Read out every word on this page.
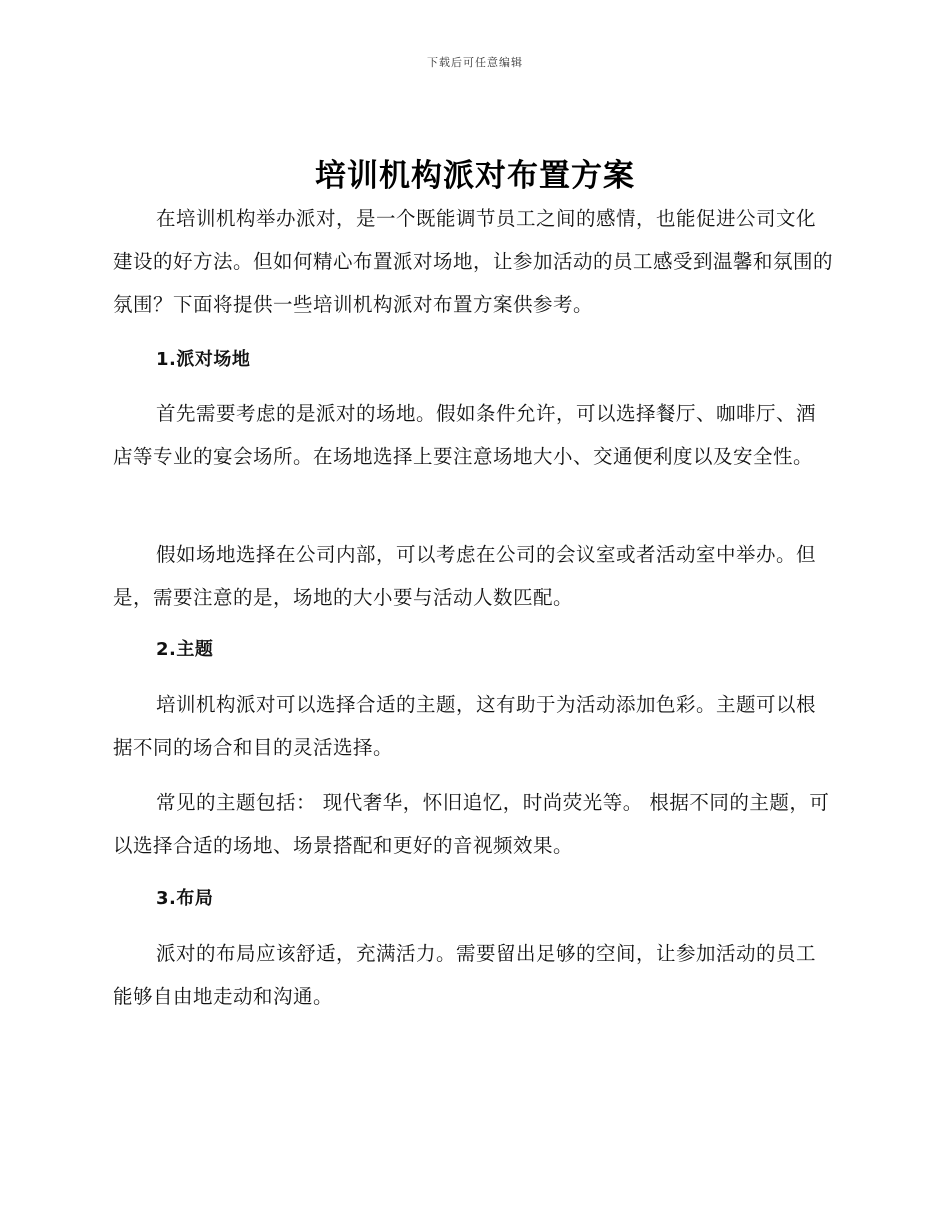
下载后可任意编辑
培训机构派对布置方案

在培训机构举办派对，是一个既能调节员工之间的感情，也能促进公司文化建设的好方法。但如何精心布置派对场地，让参加活动的员工感受到温馨和氛围的氛围？下面将提供一些培训机构派对布置方案供参考。

1.派对场地

首先需要考虑的是派对的场地。假如条件允许，可以选择餐厅、咖啡厅、酒店等专业的宴会场所。在场地选择上要注意场地大小、交通便利度以及安全性。

假如场地选择在公司内部，可以考虑在公司的会议室或者活动室中举办。但是，需要注意的是，场地的大小要与活动人数匹配。

2.主题

培训机构派对可以选择合适的主题，这有助于为活动添加色彩。主题可以根据不同的场合和目的灵活选择。

常见的主题包括： 现代奢华，怀旧追忆，时尚荧光等。 根据不同的主题，可以选择合适的场地、场景搭配和更好的音视频效果。

3.布局

派对的布局应该舒适，充满活力。需要留出足够的空间，让参加活动的员工能够自由地走动和沟通。
